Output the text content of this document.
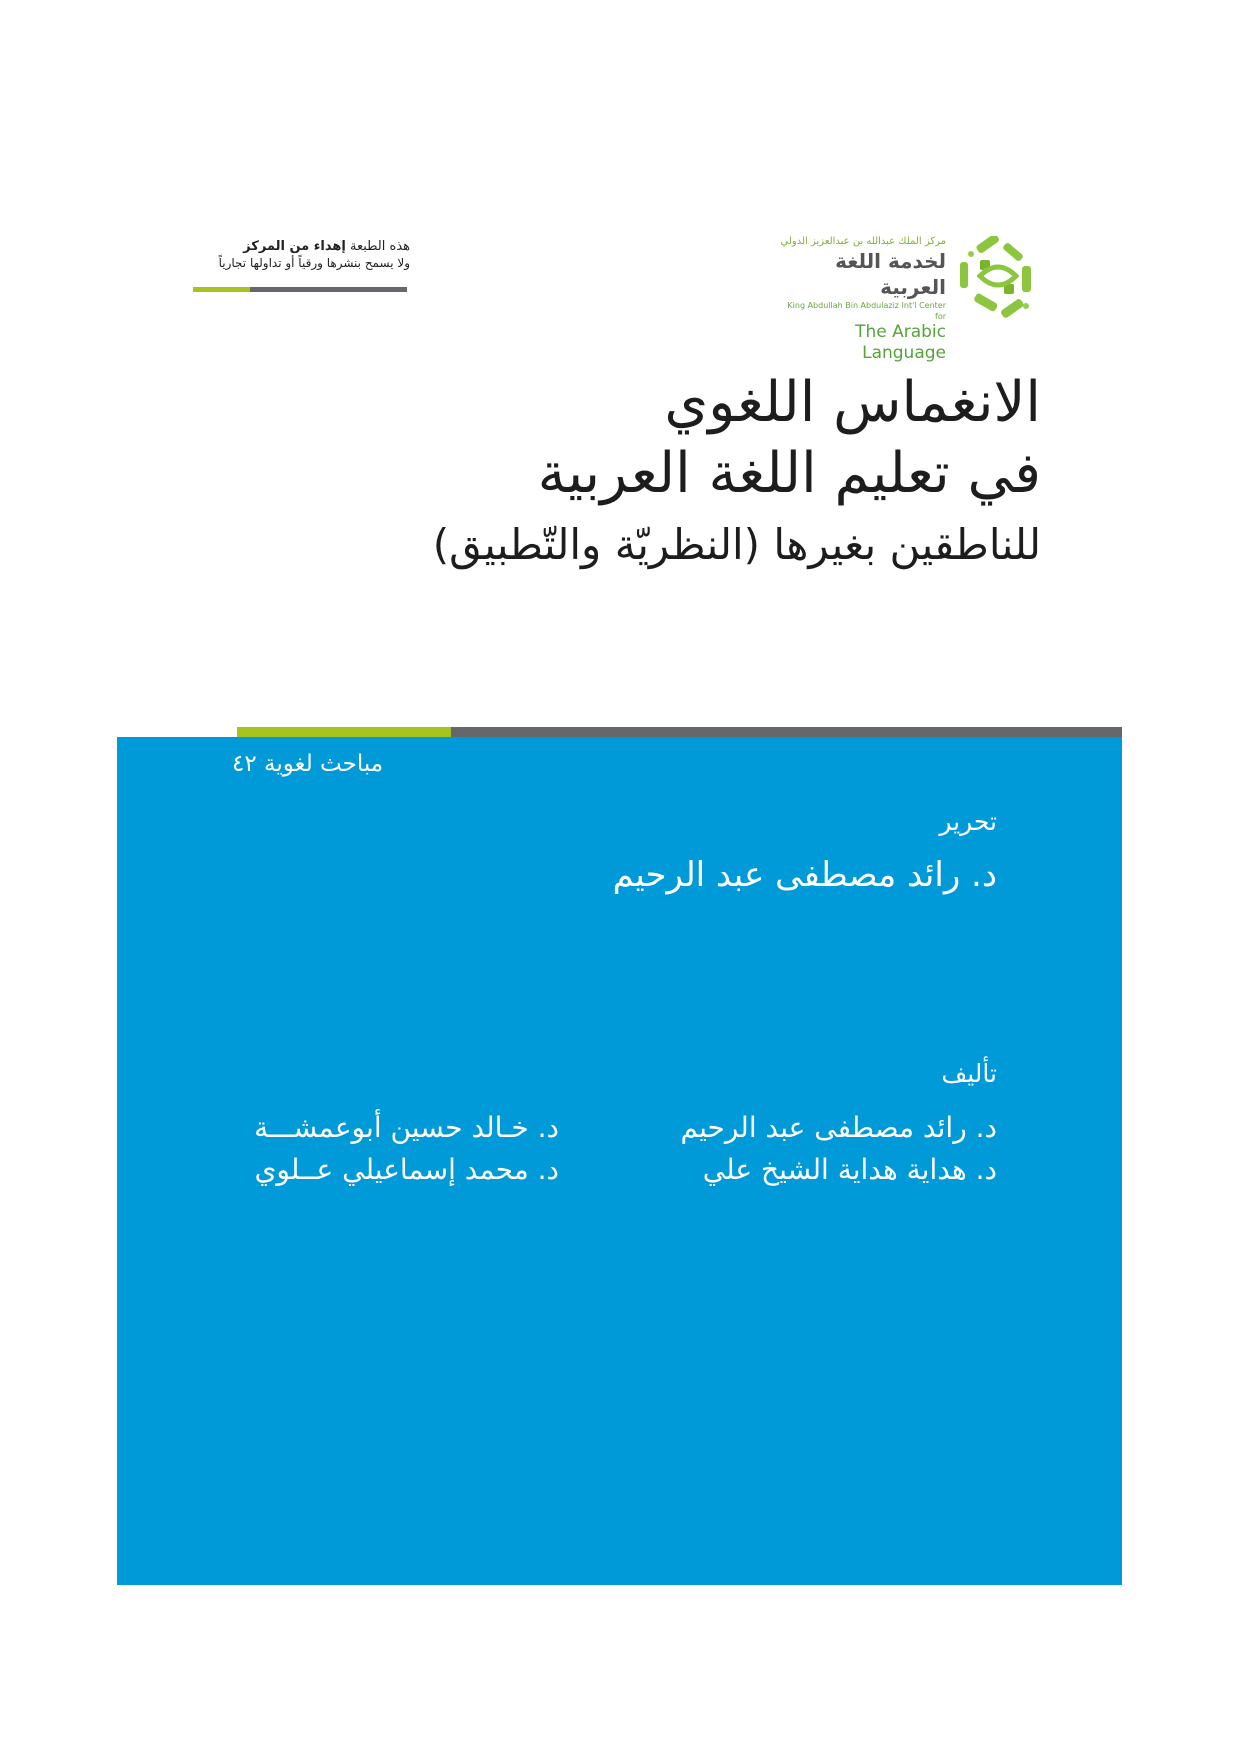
هذه الطبعة إهداء من المركز
ولا يسمح بنشرها ورقياً أو تداولها تجارياً
مركز الملك عبدالله بن عبدالعزيز الدولي
لخدمة اللغة العربية
King Abdullah Bin Abdulaziz Int'l Center for
The Arabic Language
الانغماس اللغوي
في تعليم اللغة العربية
للناطقين بغيرها (النظريّة والتّطبيق)
مباحث لغوية ٤٢
تحرير
د. رائد مصطفى عبد الرحيم
تأليف
د. رائد مصطفى عبد الرحيم
د. هداية هداية الشيخ علي
د. خـالد حسين أبوعمشـــة
د. محمد إسماعيلي عــلوي
